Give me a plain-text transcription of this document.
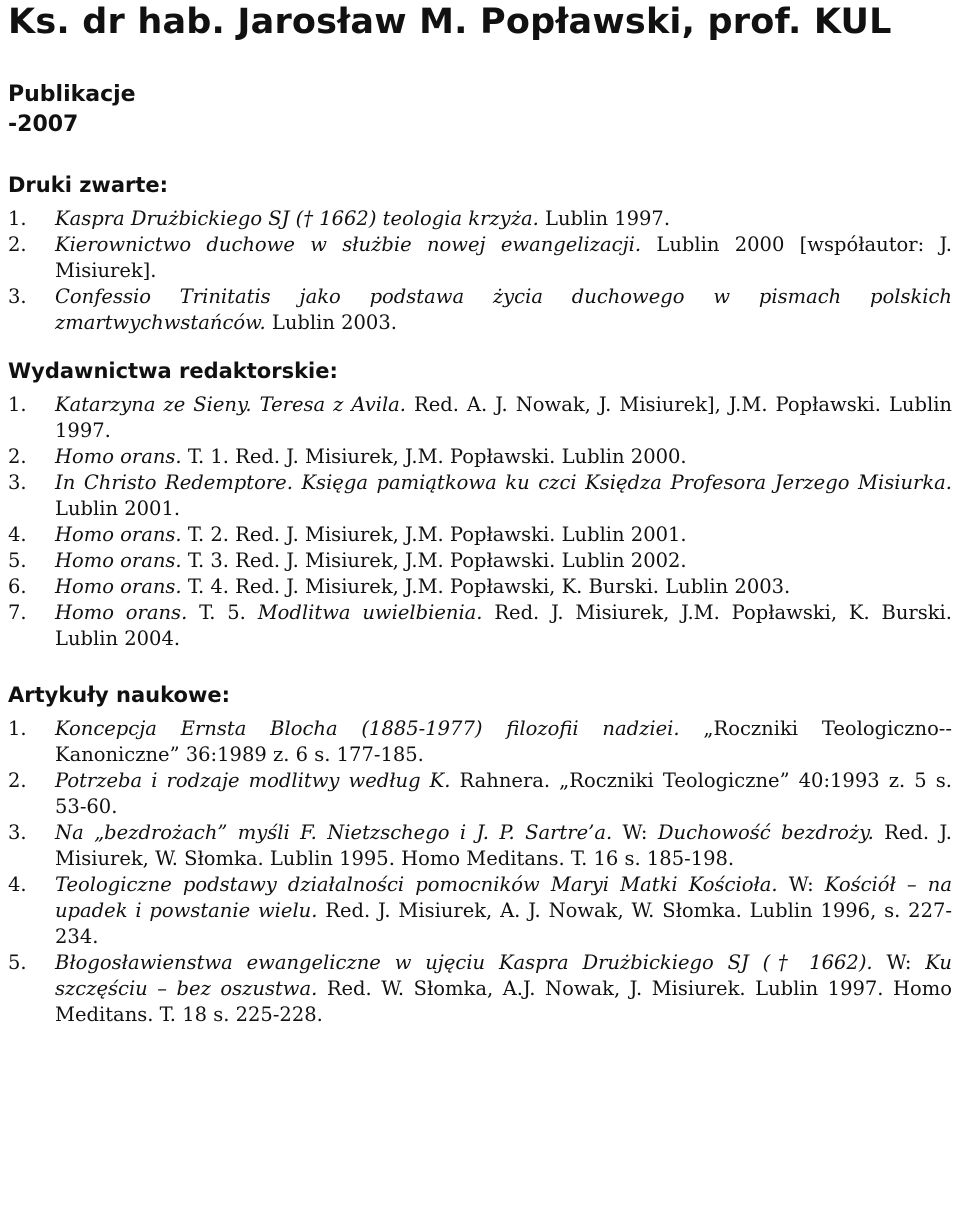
Ks. dr hab. Jarosław M. Popławski, prof. KUL
Publikacje
-2007
Druki zwarte:
1.	Kaspra Drużbickiego SJ († 1662) teologia krzyża. Lublin 1997.
2.	Kierownictwo duchowe w służbie nowej ewangelizacji. Lublin 2000 [współautor: J. Misiurek].
3.	Confessio Trinitatis jako podstawa życia duchowego w pismach polskich zmartwychwstańców. Lublin 2003.
Wydawnictwa redaktorskie:
1.	Katarzyna ze Sieny. Teresa z Avila. Red. A. J. Nowak, J. Misiurek], J.M. Popławski. Lublin 1997.
2.	Homo orans. T. 1. Red. J. Misiurek, J.M. Popławski. Lublin 2000.
3.	In Christo Redemptore. Księga pamiątkowa ku czci Księdza Profesora Jerzego Misiurka. Lublin 2001.
4.	Homo orans. T. 2. Red. J. Misiurek, J.M. Popławski. Lublin 2001.
5.	Homo orans. T. 3. Red. J. Misiurek, J.M. Popławski. Lublin 2002.
6.	Homo orans. T. 4. Red. J. Misiurek, J.M. Popławski, K. Burski. Lublin 2003.
7.	Homo orans. T. 5. Modlitwa uwielbienia. Red. J. Misiurek, J.M. Popławski, K. Burski. Lublin 2004.
Artykuły naukowe:
1.	Koncepcja Ernsta Blocha (1885-1977) filozofii nadziei. „Roczniki Teologiczno--Kanoniczne” 36:1989 z. 6 s. 177-185.
2.	Potrzeba i rodzaje modlitwy według K. Rahnera. „Roczniki Teologiczne” 40:1993 z. 5 s. 53-60.
3.	Na „bezdrożach” myśli F. Nietzschego i J. P. Sartre’a. W: Duchowość bezdroży. Red. J. Misiurek, W. Słomka. Lublin 1995. Homo Meditans. T. 16 s. 185-198.
4.	Teologiczne podstawy działalności pomocników Maryi Matki Kościoła. W: Kościół – na upadek i powstanie wielu. Red. J. Misiurek, A. J. Nowak, W. Słomka. Lublin 1996, s. 227-234.
5.	Błogosławienstwa ewangeliczne w ujęciu Kaspra Drużbickiego SJ († 1662). W: Ku szczęściu – bez oszustwa. Red. W. Słomka, A.J. Nowak, J. Misiurek. Lublin 1997. Homo Meditans. T. 18 s. 225-228.
